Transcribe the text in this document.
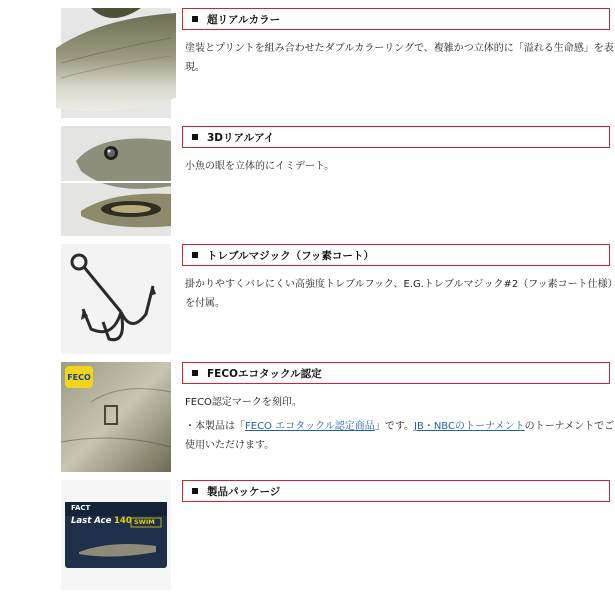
超リアルカラー

塗装とプリントを組み合わせたダブルカラーリングで、複雑かつ立体的に「溢れる生命感」を表現。

3Dリアルアイ

小魚の眼を立体的にイミデート。

トレブルマジック（フッ素コート）

掛かりやすくバレにくい高強度トレブルフック、E.G.トレブルマジック#2（フッ素コート仕様）を付属。

FECO	FECOエコタックル認定

FECO認定マークを刻印。

・本製品は「FECO エコタックル認定商品」です。JB・NBCのトーナメントのトーナメントでご使用いただけます。

FACT
Last Ace 140 SWIM
製品パッケージ
